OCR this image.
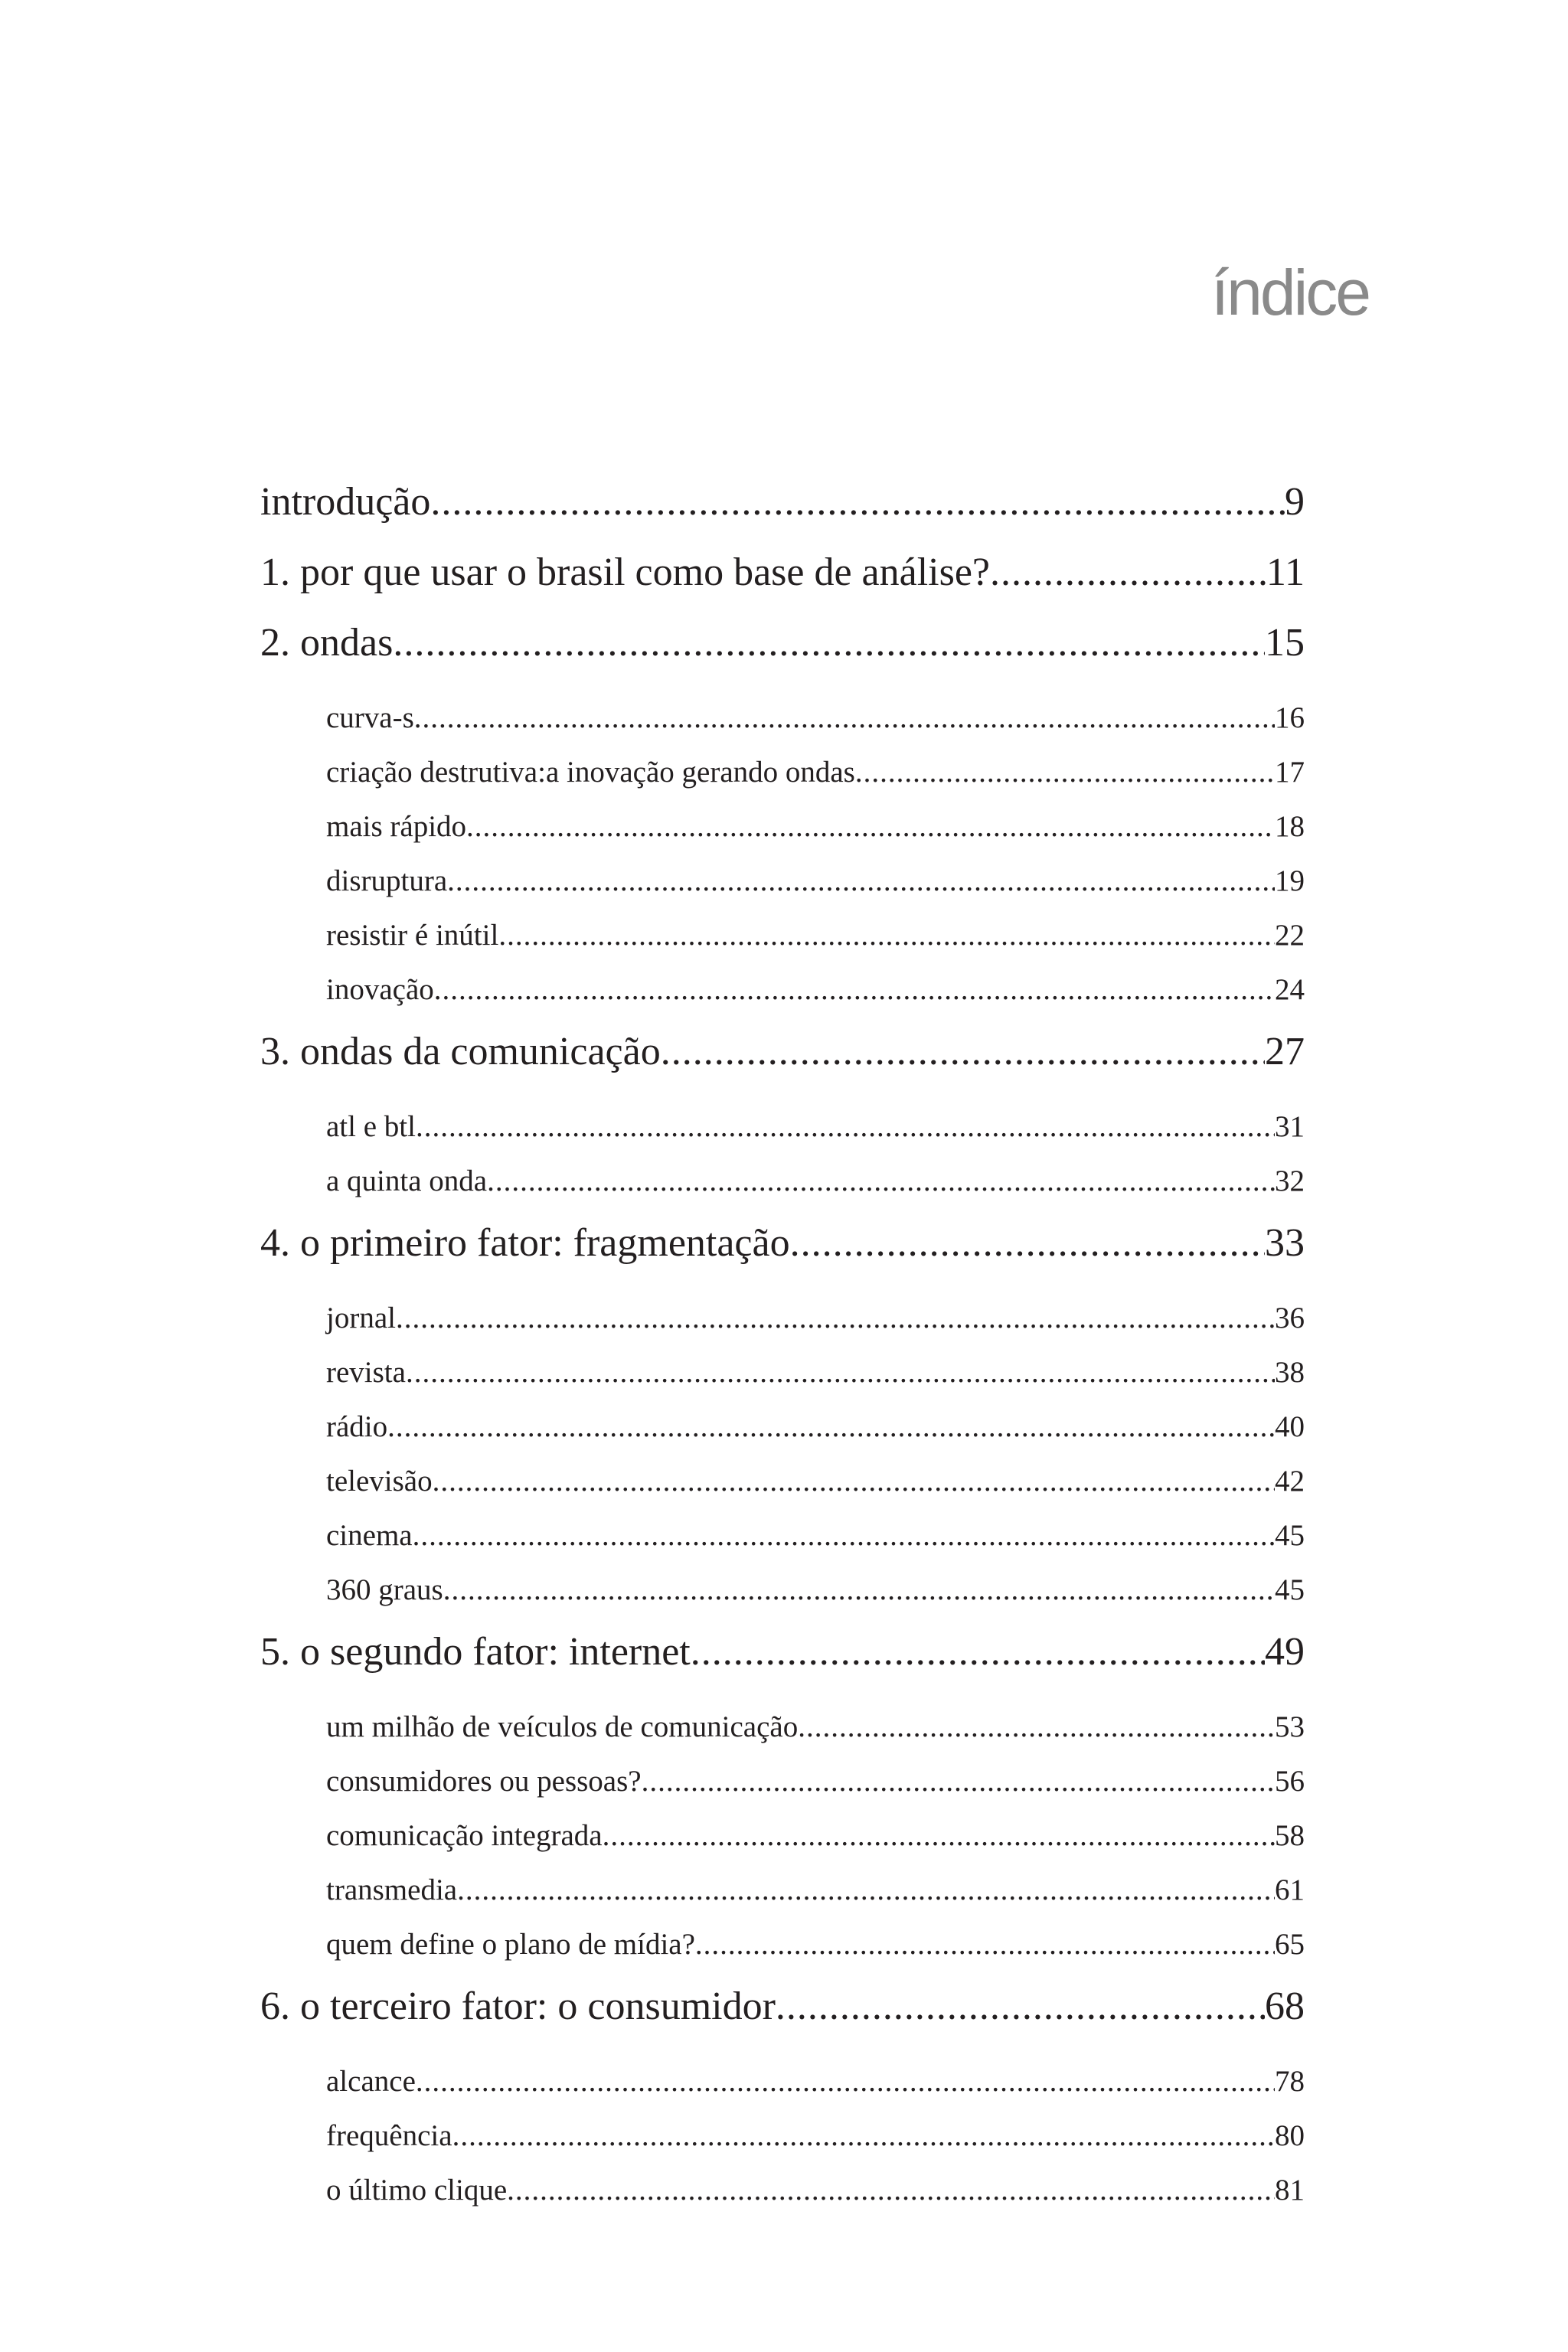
índice
introdução .....	9
1. por que usar o brasil como base de análise? .....	11
2. ondas .....	15
curva-s .....	16
criação destrutiva:a inovação gerando ondas .....	17
mais rápido .....	18
disruptura .....	19
resistir é inútil .....	22
inovação .....	24
3. ondas da comunicação .....	27
atl e btl .....	31
a quinta onda .....	32
4. o primeiro fator: fragmentação .....	33
jornal .....	36
revista .....	38
rádio .....	40
televisão .....	42
cinema .....	45
360 graus .....	45
5. o segundo fator: internet .....	49
um milhão de veículos de comunicação .....	53
consumidores ou pessoas? .....	56
comunicação integrada .....	58
transmedia .....	61
quem define o plano de mídia? .....	65
6. o terceiro fator: o consumidor .....	68
alcance .....	78
frequência .....	80
o último clique .....	81
